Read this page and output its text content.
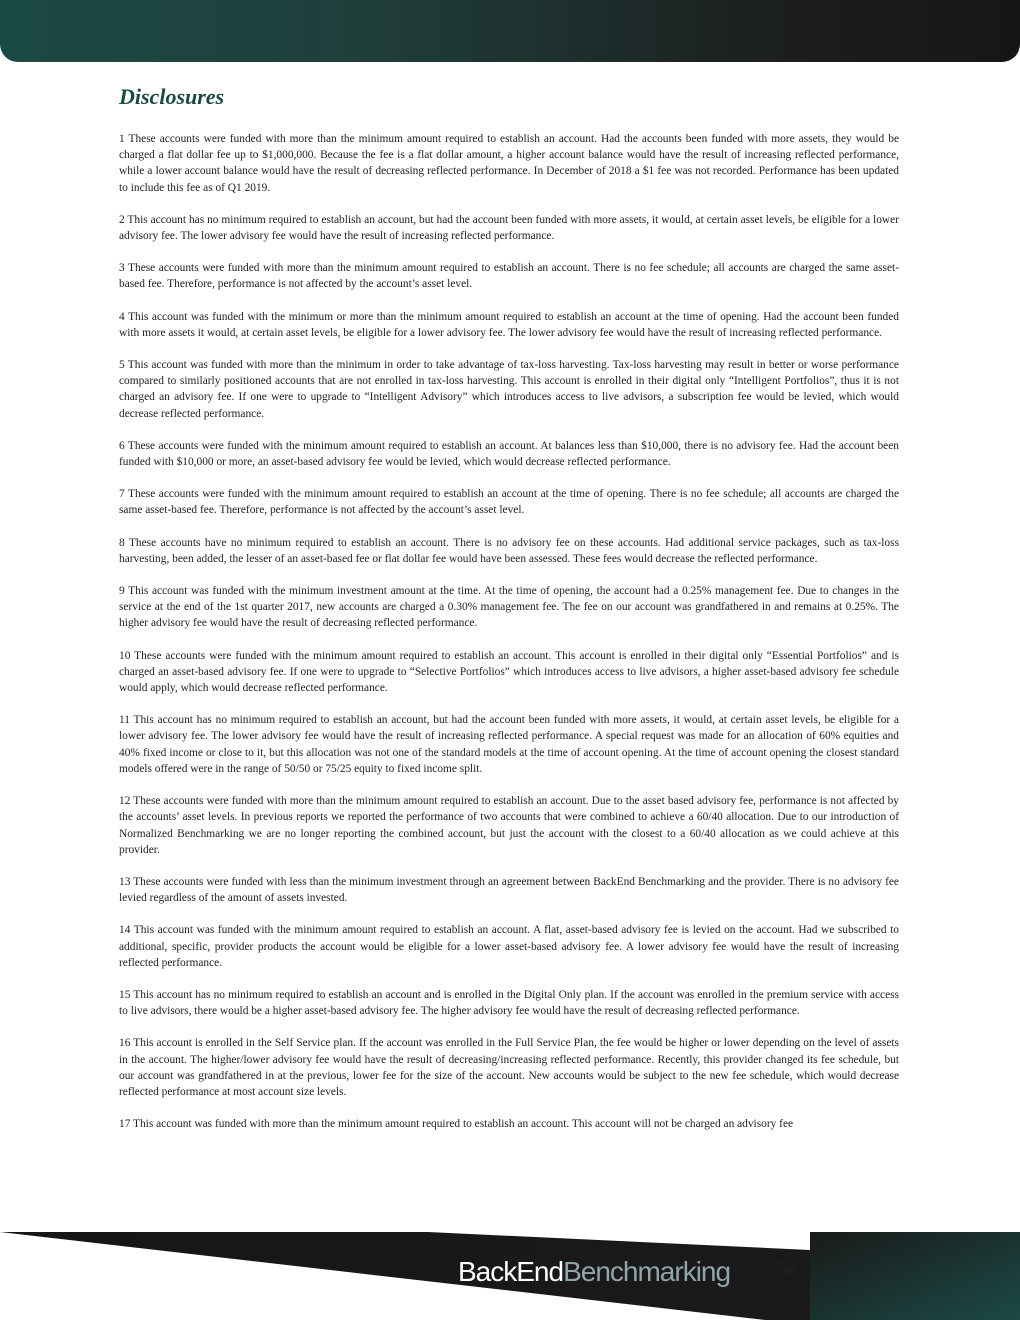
Disclosures

1 These accounts were funded with more than the minimum amount required to establish an account. Had the accounts been funded with more assets, they would be charged a flat dollar fee up to $1,000,000. Because the fee is a flat dollar amount, a higher account balance would have the result of increasing reflected performance, while a lower account balance would have the result of decreasing reflected performance. In December of 2018 a $1 fee was not recorded. Performance has been updated to include this fee as of Q1 2019.

2 This account has no minimum required to establish an account, but had the account been funded with more assets, it would, at certain asset levels, be eligible for a lower advisory fee. The lower advisory fee would have the result of increasing reflected performance.

3 These accounts were funded with more than the minimum amount required to establish an account. There is no fee schedule; all accounts are charged the same asset-based fee. Therefore, performance is not affected by the account’s asset level.

4 This account was funded with the minimum or more than the minimum amount required to establish an account at the time of opening. Had the account been funded with more assets it would, at certain asset levels, be eligible for a lower advisory fee. The lower advisory fee would have the result of increasing reflected performance.

5 This account was funded with more than the minimum in order to take advantage of tax-loss harvesting. Tax-loss harvesting may result in better or worse performance compared to similarly positioned accounts that are not enrolled in tax-loss harvesting. This account is enrolled in their digital only “Intelligent Portfolios”, thus it is not charged an advisory fee. If one were to upgrade to “Intelligent Advisory” which introduces access to live advisors, a subscription fee would be levied, which would decrease reflected performance.

6 These accounts were funded with the minimum amount required to establish an account. At balances less than $10,000, there is no advisory fee. Had the account been funded with $10,000 or more, an asset-based advisory fee would be levied, which would decrease reflected performance.

7 These accounts were funded with the minimum amount required to establish an account at the time of opening. There is no fee schedule; all accounts are charged the same asset-based fee. Therefore, performance is not affected by the account’s asset level.

8 These accounts have no minimum required to establish an account. There is no advisory fee on these accounts. Had additional service packages, such as tax-loss harvesting, been added, the lesser of an asset-based fee or flat dollar fee would have been assessed. These fees would decrease the reflected performance.

9 This account was funded with the minimum investment amount at the time. At the time of opening, the account had a 0.25% management fee. Due to changes in the service at the end of the 1st quarter 2017, new accounts are charged a 0.30% management fee. The fee on our account was grandfathered in and remains at 0.25%. The higher advisory fee would have the result of decreasing reflected performance.

10 These accounts were funded with the minimum amount required to establish an account. This account is enrolled in their digital only “Essential Portfolios” and is charged an asset-based advisory fee. If one were to upgrade to “Selective Portfolios” which introduces access to live advisors, a higher asset-based advisory fee schedule would apply, which would decrease reflected performance.

11 This account has no minimum required to establish an account, but had the account been funded with more assets, it would, at certain asset levels, be eligible for a lower advisory fee. The lower advisory fee would have the result of increasing reflected performance. A special request was made for an allocation of 60% equities and 40% fixed income or close to it, but this allocation was not one of the standard models at the time of account opening. At the time of account opening the closest standard models offered were in the range of 50/50 or 75/25 equity to fixed income split.

12 These accounts were funded with more than the minimum amount required to establish an account. Due to the asset based advisory fee, performance is not affected by the accounts’ asset levels. In previous reports we reported the performance of two accounts that were combined to achieve a 60/40 allocation. Due to our introduction of Normalized Benchmarking we are no longer reporting the combined account, but just the account with the closest to a 60/40 allocation as we could achieve at this provider.

13 These accounts were funded with less than the minimum investment through an agreement between BackEnd Benchmarking and the provider. There is no advisory fee levied regardless of the amount of assets invested.

14 This account was funded with the minimum amount required to establish an account. A flat, asset-based advisory fee is levied on the account. Had we subscribed to additional, specific, provider products the account would be eligible for a lower asset-based advisory fee. A lower advisory fee would have the result of increasing reflected performance.

15 This account has no minimum required to establish an account and is enrolled in the Digital Only plan. If the account was enrolled in the premium service with access to live advisors, there would be a higher asset-based advisory fee. The higher advisory fee would have the result of decreasing reflected performance.

16 This account is enrolled in the Self Service plan. If the account was enrolled in the Full Service Plan, the fee would be higher or lower depending on the level of assets in the account. The higher/lower advisory fee would have the result of decreasing/increasing reflected performance. Recently, this provider changed its fee schedule, but our account was grandfathered in at the previous, lower fee for the size of the account. New accounts would be subject to the new fee schedule, which would decrease reflected performance at most account size levels.

17 This account was funded with more than the minimum amount required to establish an account. This account will not be charged an advisory fee

BackEndBenchmarking	52
